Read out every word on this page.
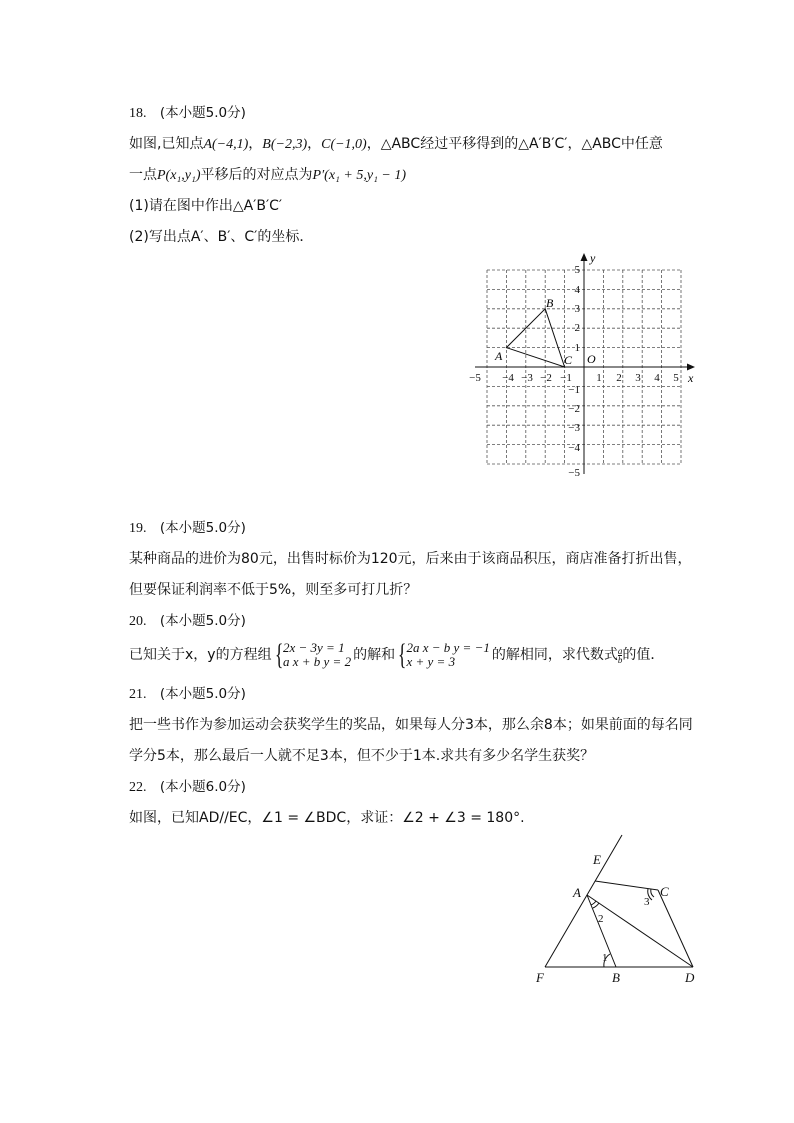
18. (本小题5.0分)
如图,已知点A(−4,1)，B(−2,3)，C(−1,0)，△ABC经过平移得到的△A′B′C′，△ABC中任意
一点P(x₁,y₁)平移后的对应点为P′(x₁ + 5,y₁ − 1)
(1)请在图中作出△A′B′C′
(2)写出点A′、B′、C′的坐标．
x
y
O
−5 −4 −3 −2 −1 1 2 3 4 5
5
4
3
2
1
−1
−2
−3
−4
−5
A
B
C
19. (本小题5.0分)
某种商品的进价为80元，出售时标价为120元，后来由于该商品积压，商店准备打折出售，
但要保证利润率不低于5%，则至多可打几折？
20. (本小题5.0分)
已知关于x，y的方程组{2x − 3y = 1
a x + b y = 2 的解和{2a x − b y = −1
x + y = 3	的解相同，求代数式 $\frac{a}{b}$的值．
21. (本小题5.0分)
把一些书作为参加运动会获奖学生的奖品，如果每人分3本，那么余8本；如果前面的每名同
学分5本，那么最后一人就不足3本，但不少于1本.求共有多少名学生获奖？
22. (本小题6.0分)
如图，已知AD//EC，∠1 = ∠BDC，求证：∠2 + ∠3 = 180°.
E
A	C
F	B	D
1
2
3
